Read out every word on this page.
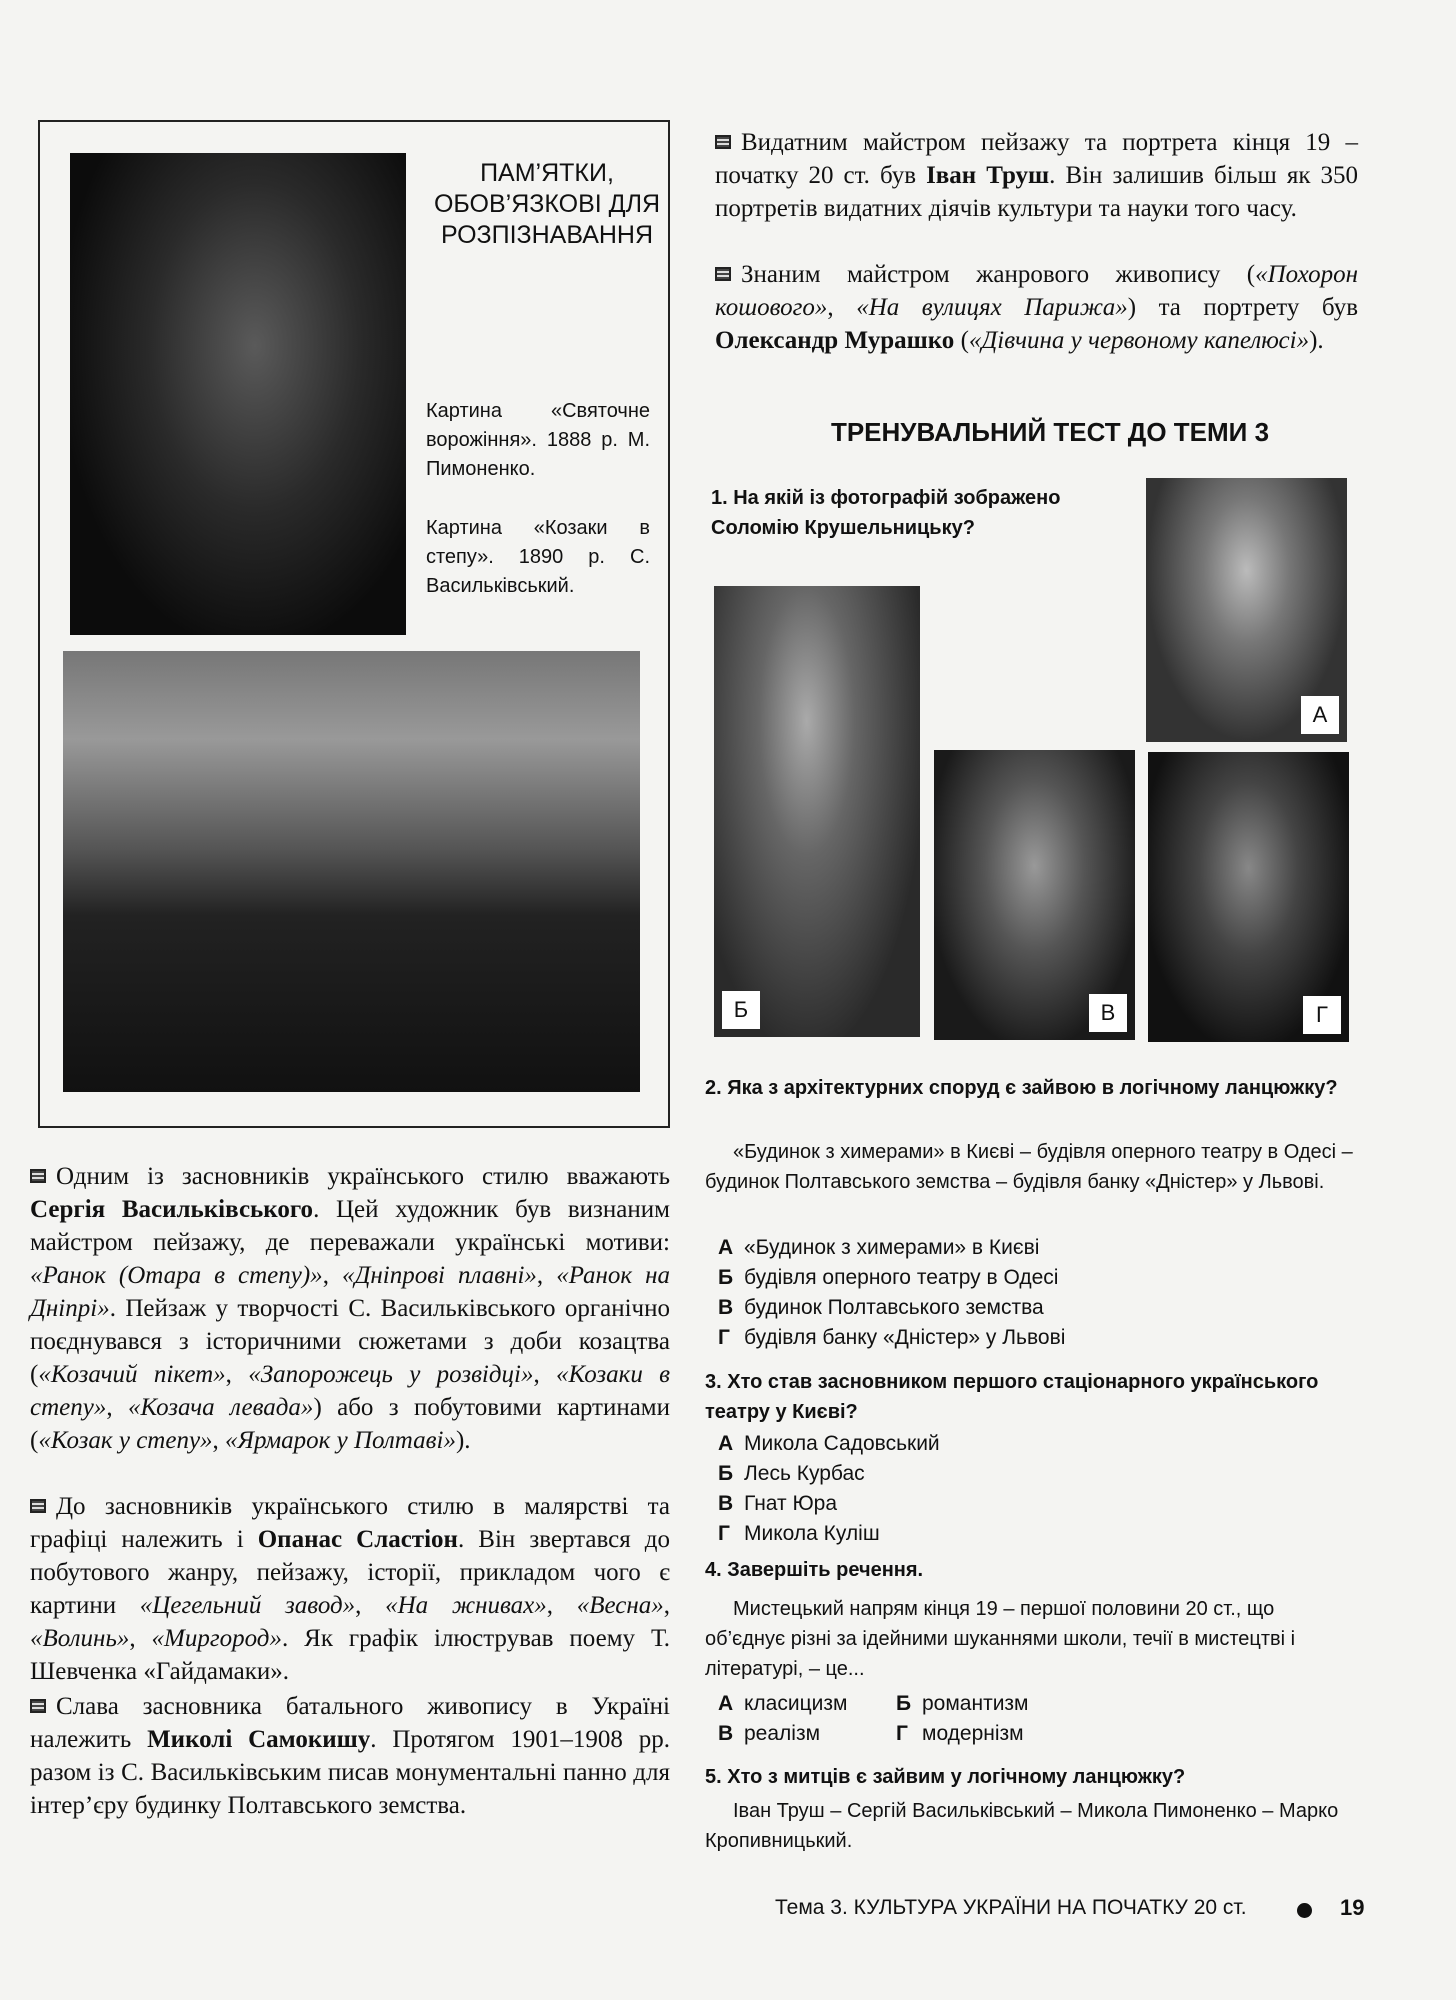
ПАМ’ЯТКИ, ОБОВ’ЯЗКОВІ ДЛЯ РОЗПІЗНАВАННЯ
Картина «Святочне ворожіння». 1888 р. М. Пимоненко.
Картина «Козаки в степу». 1890 р. С. Васильківський.
Видатним майстром пейзажу та портрета кінця 19 – початку 20 ст. був Іван Труш. Він залишив більш як 350 портретів видатних діячів культури та науки того часу.
Знаним майстром жанрового живопису («Похорон кошового», «На вулицях Парижа») та портрету був Олександр Мурашко («Дівчина у червоному капелюсі»).
Одним із засновників українського стилю вважають Сергія Васильківського. Цей художник був визнаним майстром пейзажу, де переважали українські мотиви: «Ранок (Отара в степу)», «Дніпрові плавні», «Ранок на Дніпрі». Пейзаж у творчості С. Васильківського органічно поєднувався з історичними сюжетами з доби козацтва («Козачий пікет», «Запорожець у розвідці», «Козаки в степу», «Козача левада») або з побутовими картинами («Козак у степу», «Ярмарок у Полтаві»).
До засновників українського стилю в малярстві та графіці належить і Опанас Сластіон. Він звертався до побутового жанру, пейзажу, історії, прикладом чого є картини «Цегельний завод», «На жнивах», «Весна», «Волинь», «Миргород». Як графік ілюстрував поему Т. Шевченка «Гайдамаки».
Слава засновника батального живопису в Україні належить Миколі Самокишу. Протягом 1901–1908 рр. разом із С. Васильківським писав монументальні панно для інтер’єру будинку Полтавського земства.
ТРЕНУВАЛЬНИЙ ТЕСТ ДО ТЕМИ 3
1. На якій із фотографій зображено Соломію Крушельницьку?
А
Б	В	Г
2. Яка з архітектурних споруд є зайвою в логічному ланцюжку?
«Будинок з химерами» в Києві – будівля оперного театру в Одесі – будинок Полтавського земства – будівля банку «Дністер» у Львові.
А «Будинок з химерами» в Києві
Б будівля оперного театру в Одесі
В будинок Полтавського земства
Г будівля банку «Дністер» у Львові
3. Хто став засновником першого стаціонарного українського театру у Києві?
А Микола Садовський
Б Лесь Курбас
В Гнат Юра
Г Микола Куліш
4. Завершіть речення.
Мистецький напрям кінця 19 – першої половини 20 ст., що об’єднує різні за ідейними шуканнями школи, течії в мистецтві і літературі, – це...
А класицизм	Б романтизм
В реалізм	Г модернізм
5. Хто з митців є зайвим у логічному ланцюжку?
Іван Труш – Сергій Васильківський – Микола Пимоненко – Марко Кропивницький.
Тема 3. КУЛЬТУРА УКРАЇНИ НА ПОЧАТКУ 20 ст.	19
